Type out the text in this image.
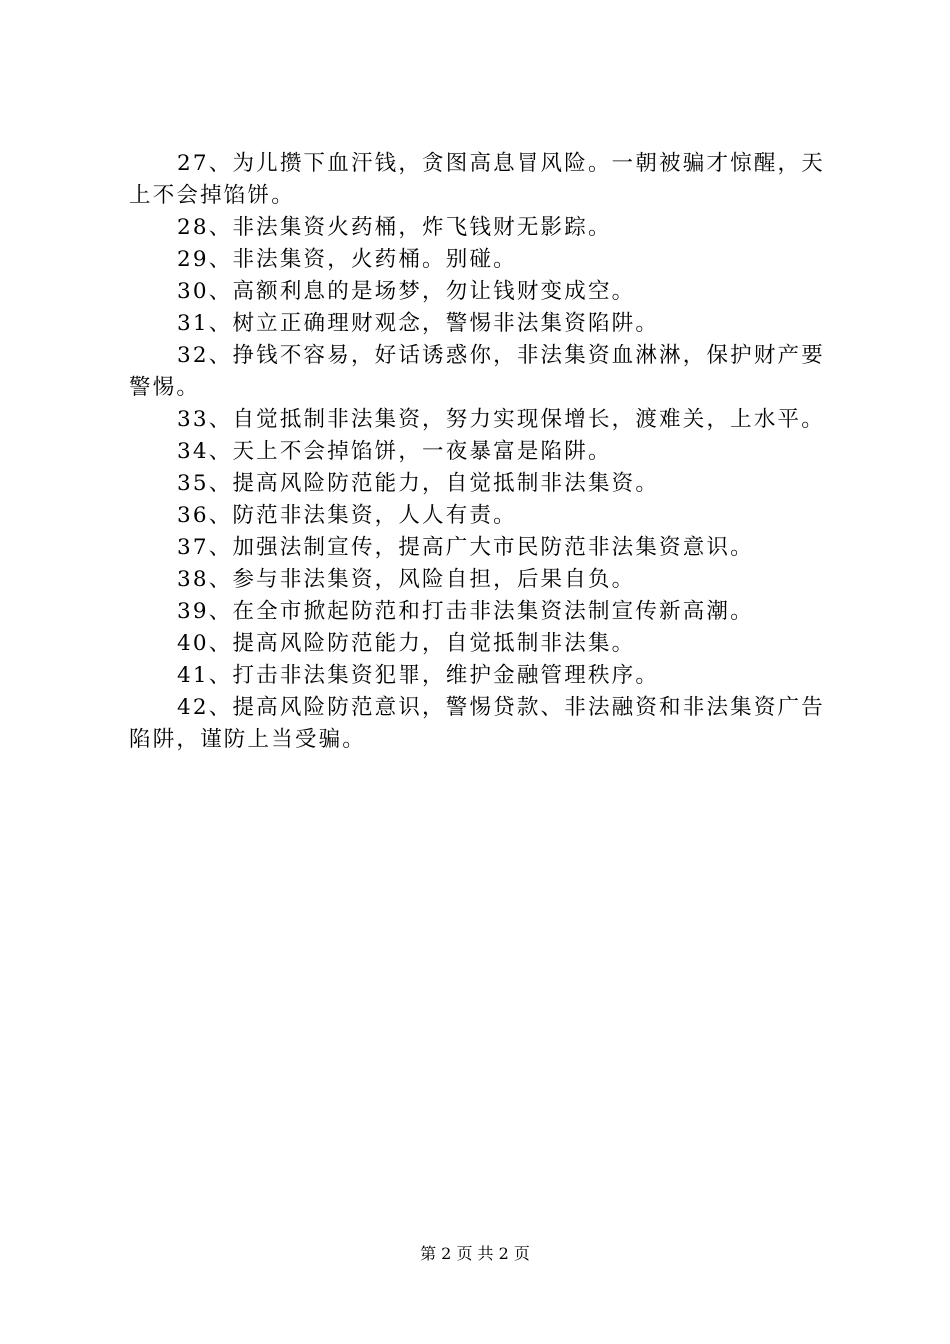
27、为儿攒下血汗钱，贪图高息冒风险。一朝被骗才惊醒，天上不会掉馅饼。

28、非法集资火药桶，炸飞钱财无影踪。

29、非法集资，火药桶。别碰。

30、高额利息的是场梦，勿让钱财变成空。

31、树立正确理财观念，警惕非法集资陷阱。

32、挣钱不容易，好话诱惑你，非法集资血淋淋，保护财产要警惕。

33、自觉抵制非法集资，努力实现保增长，渡难关，上水平。

34、天上不会掉馅饼，一夜暴富是陷阱。

35、提高风险防范能力，自觉抵制非法集资。

36、防范非法集资，人人有责。

37、加强法制宣传，提高广大市民防范非法集资意识。

38、参与非法集资，风险自担，后果自负。

39、在全市掀起防范和打击非法集资法制宣传新高潮。

40、提高风险防范能力，自觉抵制非法集。

41、打击非法集资犯罪，维护金融管理秩序。

42、提高风险防范意识，警惕贷款、非法融资和非法集资广告陷阱，谨防上当受骗。

第 2 页 共 2 页
